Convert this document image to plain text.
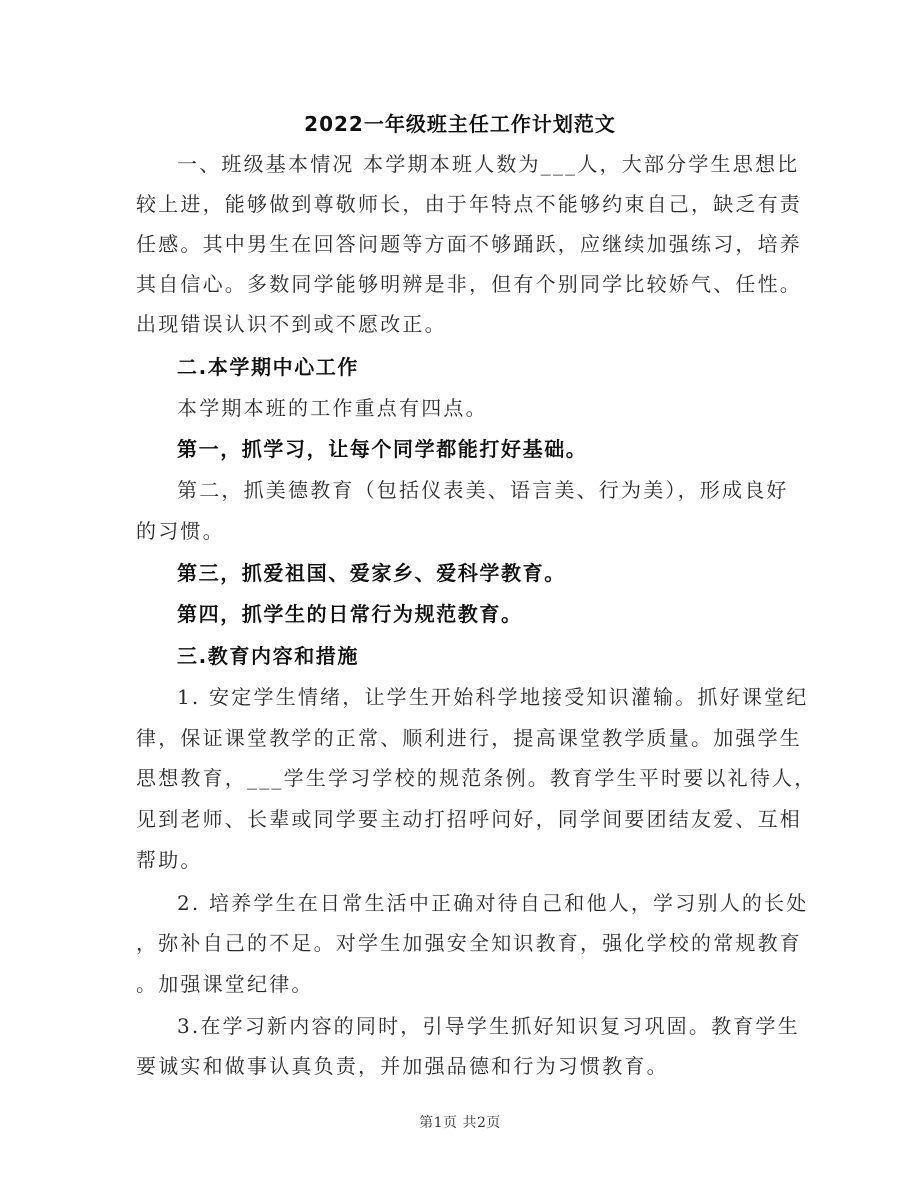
2022一年级班主任工作计划范文
一、班级基本情况 本学期本班人数为___人，大部分学生思想比
较上进，能够做到尊敬师长，由于年特点不能够约束自己，缺乏有责
任感。其中男生在回答问题等方面不够踊跃，应继续加强练习，培养
其自信心。多数同学能够明辨是非，但有个别同学比较娇气、任性。
出现错误认识不到或不愿改正。
二.本学期中心工作
本学期本班的工作重点有四点。
第一，抓学习，让每个同学都能打好基础。
第二，抓美德教育（包括仪表美、语言美、行为美），形成良好
的习惯。
第三，抓爱祖国、爱家乡、爱科学教育。
第四，抓学生的日常行为规范教育。
三.教育内容和措施
1. 安定学生情绪，让学生开始科学地接受知识灌输。抓好课堂纪
律，保证课堂教学的正常、顺利进行，提高课堂教学质量。加强学生
思想教育，___学生学习学校的规范条例。教育学生平时要以礼待人，
见到老师、长辈或同学要主动打招呼问好，同学间要团结友爱、互相
帮助。
2. 培养学生在日常生活中正确对待自己和他人，学习别人的长处
，弥补自己的不足。对学生加强安全知识教育，强化学校的常规教育
。加强课堂纪律。
3.在学习新内容的同时，引导学生抓好知识复习巩固。教育学生
要诚实和做事认真负责，并加强品德和行为习惯教育。
第1页 共2页
